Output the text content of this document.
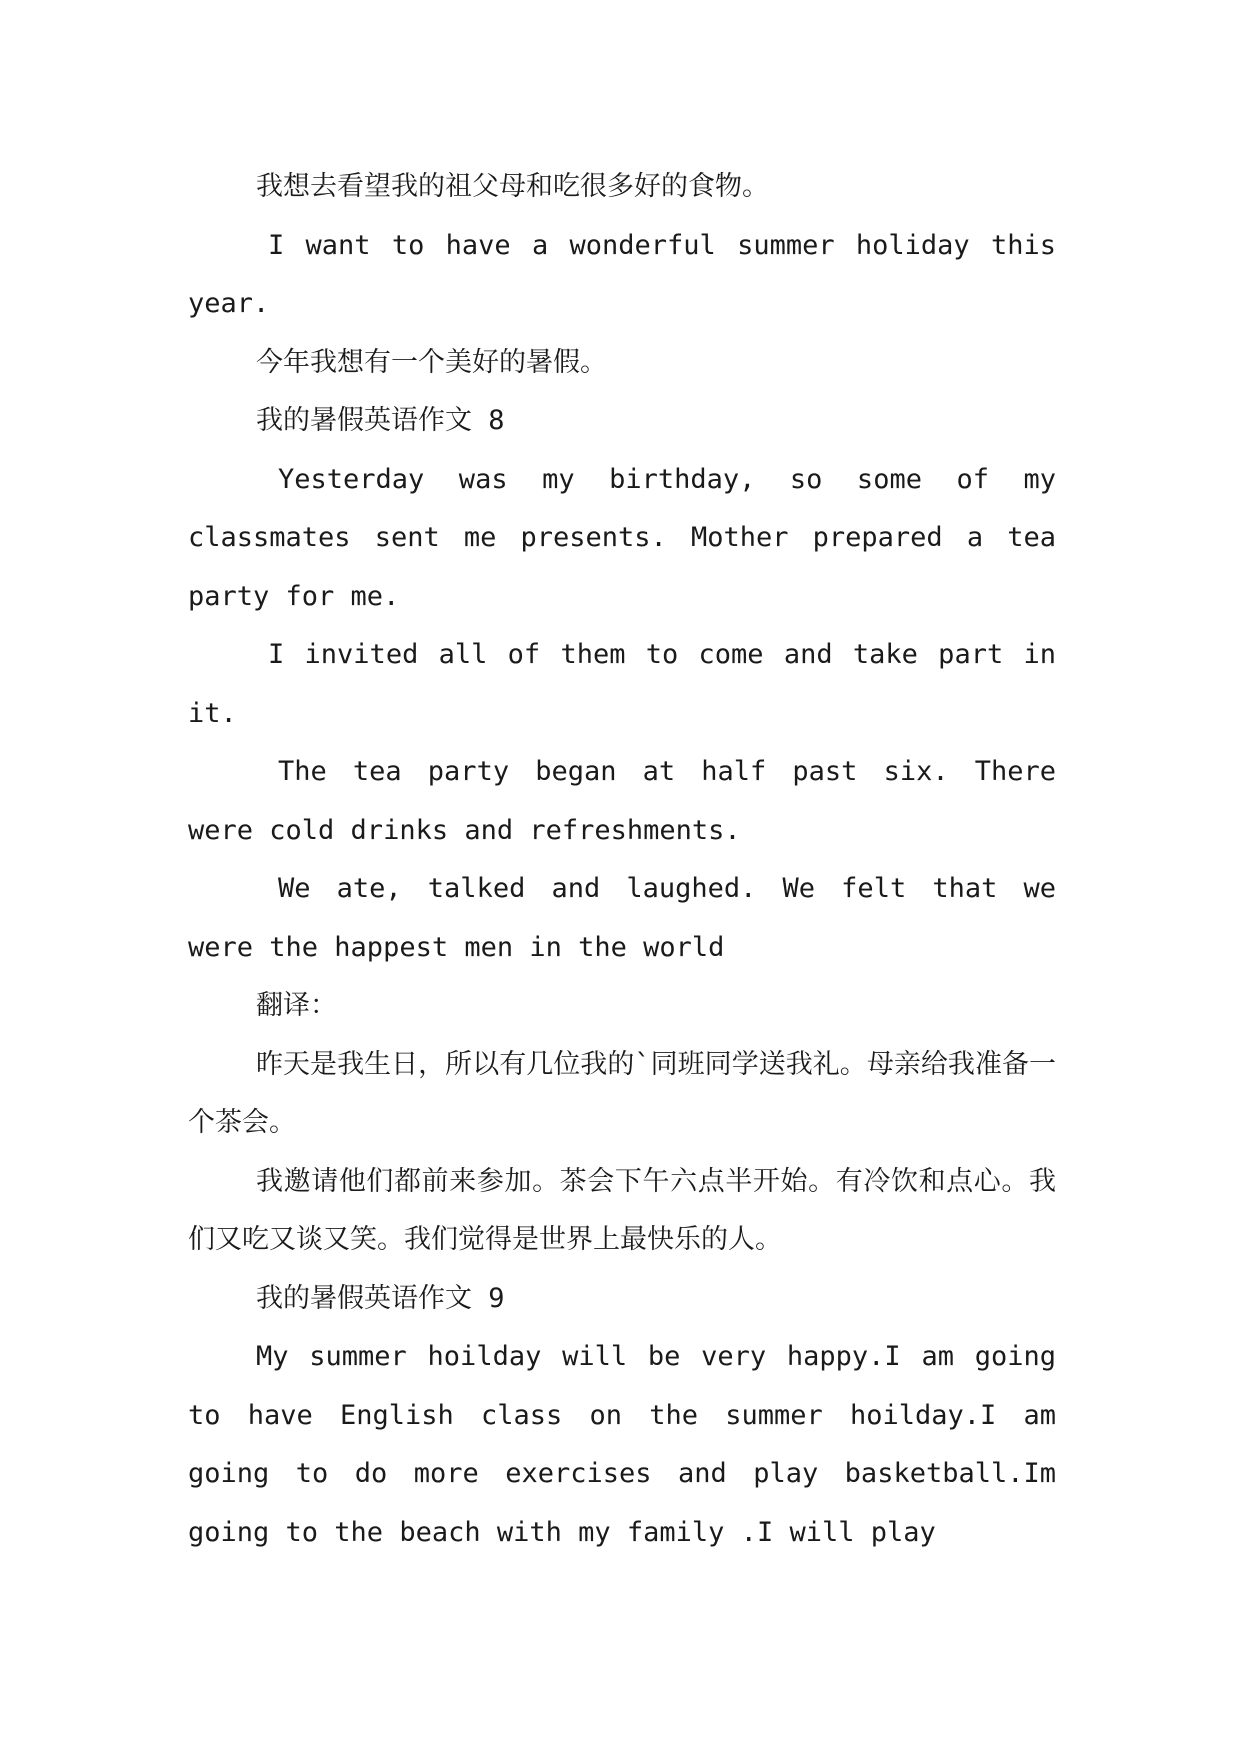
我想去看望我的祖父母和吃很多好的食物。

I want to have a wonderful summer holiday this year.

今年我想有一个美好的暑假。

我的暑假英语作文 8

Yesterday was my birthday, so some of my classmates sent me presents. Mother prepared a tea party for me.

I invited all of them to come and take part in it.

The tea party began at half past six. There were cold drinks and refreshments.

We ate, talked and laughed. We felt that we were the happest men in the world

翻译：

昨天是我生日，所以有几位我的`同班同学送我礼。母亲给我准备一个茶会。

我邀请他们都前来参加。茶会下午六点半开始。有冷饮和点心。我们又吃又谈又笑。我们觉得是世界上最快乐的人。

我的暑假英语作文 9

My summer hoilday will be very happy.I am going to have English class on the summer hoilday.I am going to do more exercises and play basketball.Im going to the beach with my family .I will play
